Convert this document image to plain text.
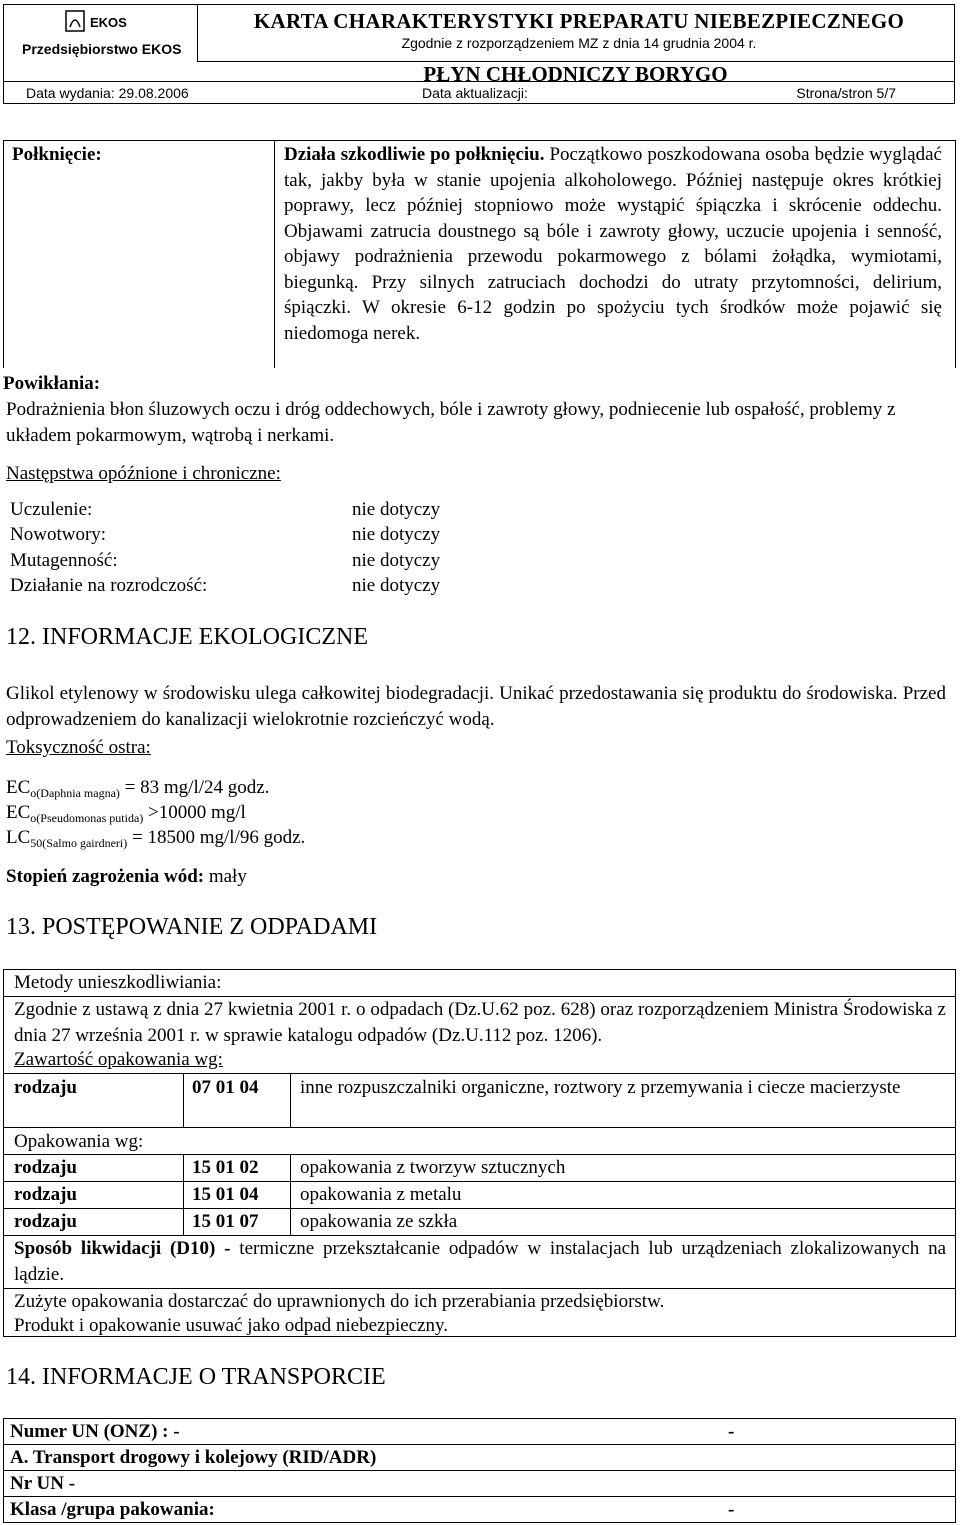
EKOS
Przedsiębiorstwo EKOS
KARTA CHARAKTERYSTYKI PREPARATU NIEBEZPIECZNEGO
Zgodnie z rozporządzeniem MZ z dnia 14 grudnia 2004 r.
PŁYN CHŁODNICZY BORYGO
Data wydania: 29.08.2006	Data aktualizacji:	Strona/stron 5/7
Połknięcie:	Działa szkodliwie po połknięciu. Początkowo poszkodowana osoba będzie wyglądać tak, jakby była w stanie upojenia alkoholowego. Później następuje okres krótkiej poprawy, lecz później stopniowo może wystąpić śpiączka i skrócenie oddechu. Objawami zatrucia doustnego są bóle i zawroty głowy, uczucie upojenia i senność, objawy podrażnienia przewodu pokarmowego z bólami żołądka, wymiotami, biegunką. Przy silnych zatruciach dochodzi do utraty przytomności, delirium, śpiączki. W okresie 6-12 godzin po spożyciu tych środków może pojawić się niedomoga nerek.
Powikłania:
Podrażnienia błon śluzowych oczu i dróg oddechowych, bóle i zawroty głowy, podniecenie lub ospałość, problemy z układem pokarmowym, wątrobą i nerkami.
Następstwa opóźnione i chroniczne:
Uczulenie:	nie dotyczy
Nowotwory:	nie dotyczy
Mutagenność:	nie dotyczy
Działanie na rozrodczość:	nie dotyczy
12. INFORMACJE EKOLOGICZNE
Glikol etylenowy w środowisku ulega całkowitej biodegradacji. Unikać przedostawania się produktu do środowiska. Przed odprowadzeniem do kanalizacji wielokrotnie rozcieńczyć wodą.
Toksyczność ostra:
$EC_{o(Daphnia magna)} = 83$ mg/l/24 godz.
$EC_{o(Pseudomonas putida)} >10000$ mg/l
$LC_{50(Salmo gairdneri)} = 18500$ mg/l/96 godz.
Stopień zagrożenia wód: mały
13. POSTĘPOWANIE Z ODPADAMI
Metody unieszkodliwiania:
Zgodnie z ustawą z dnia 27 kwietnia 2001 r. o odpadach (Dz.U.62 poz. 628) oraz rozporządzeniem Ministra Środowiska z dnia 27 września 2001 r. w sprawie katalogu odpadów (Dz.U.112 poz. 1206).
Zawartość opakowania wg:
rodzaju	07 01 04 inne rozpuszczalniki organiczne, roztwory z przemywania i ciecze macierzyste
Opakowania wg:
rodzaju	15 01 02 opakowania z tworzyw sztucznych
rodzaju	15 01 04 opakowania z metalu
rodzaju	15 01 07 opakowania ze szkła
Sposób likwidacji (D10) - termiczne przekształcanie odpadów w instalacjach lub urządzeniach zlokalizowanych na lądzie.
Zużyte opakowania dostarczać do uprawnionych do ich przerabiania przedsiębiorstw.
Produkt i opakowanie usuwać jako odpad niebezpieczny.
14. INFORMACJE O TRANSPORCIE
Numer UN (ONZ) : -	-
A. Transport drogowy i kolejowy (RID/ADR)
Nr UN -
Klasa /grupa pakowania:	-
